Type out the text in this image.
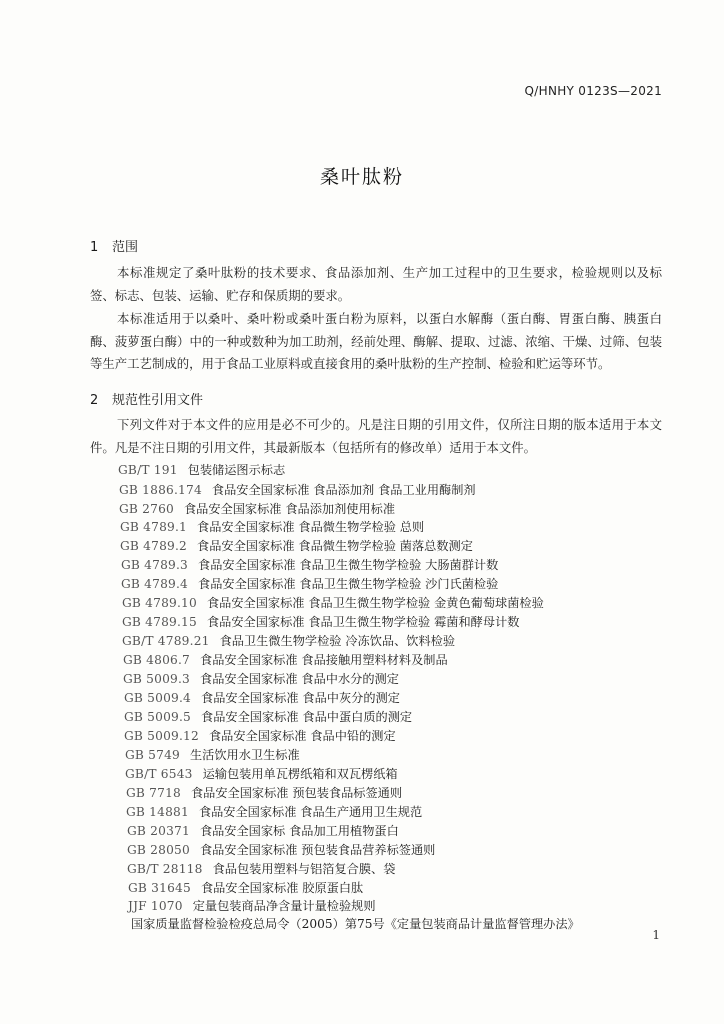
Q/HNHY 0123S—2021
桑叶肽粉
1 范围

本标准规定了桑叶肽粉的技术要求、食品添加剂、生产加工过程中的卫生要求，检验规则以及标签、标志、包装、运输、贮存和保质期的要求。

本标准适用于以桑叶、桑叶粉或桑叶蛋白粉为原料，以蛋白水解酶（蛋白酶、胃蛋白酶、胰蛋白酶、菠萝蛋白酶）中的一种或数种为加工助剂，经前处理、酶解、提取、过滤、浓缩、干燥、过筛、包装等生产工艺制成的，用于食品工业原料或直接食用的桑叶肽粉的生产控制、检验和贮运等环节。

2 规范性引用文件

下列文件对于本文件的应用是必不可少的。凡是注日期的引用文件，仅所注日期的版本适用于本文件。凡是不注日期的引用文件，其最新版本（包括所有的修改单）适用于本文件。

GB/T 191 包装储运图示标志
GB 1886.174 食品安全国家标准 食品添加剂 食品工业用酶制剂
GB 2760 食品安全国家标准 食品添加剂使用标准
GB 4789.1 食品安全国家标准 食品微生物学检验 总则
GB 4789.2 食品安全国家标准 食品微生物学检验 菌落总数测定
GB 4789.3 食品安全国家标准 食品卫生微生物学检验 大肠菌群计数
GB 4789.4 食品安全国家标准 食品卫生微生物学检验 沙门氏菌检验
GB 4789.10 食品安全国家标准 食品卫生微生物学检验 金黄色葡萄球菌检验
GB 4789.15 食品安全国家标准 食品卫生微生物学检验 霉菌和酵母计数
GB/T 4789.21 食品卫生微生物学检验 冷冻饮品、饮料检验
GB 4806.7 食品安全国家标准 食品接触用塑料材料及制品
GB 5009.3 食品安全国家标准 食品中水分的测定
GB 5009.4 食品安全国家标准 食品中灰分的测定
GB 5009.5 食品安全国家标准 食品中蛋白质的测定
GB 5009.12 食品安全国家标准 食品中铅的测定
GB 5749 生活饮用水卫生标准
GB/T 6543 运输包装用单瓦楞纸箱和双瓦楞纸箱
GB 7718 食品安全国家标准 预包装食品标签通则
GB 14881 食品安全国家标准 食品生产通用卫生规范
GB 20371 食品安全国家标 食品加工用植物蛋白
GB 28050 食品安全国家标准 预包装食品营养标签通则
GB/T 28118 食品包装用塑料与铝箔复合膜、袋
GB 31645 食品安全国家标准 胶原蛋白肽
JJF 1070 定量包装商品净含量计量检验规则
国家质量监督检验检疫总局令（2005）第75号《定量包装商品计量监督管理办法》
1
